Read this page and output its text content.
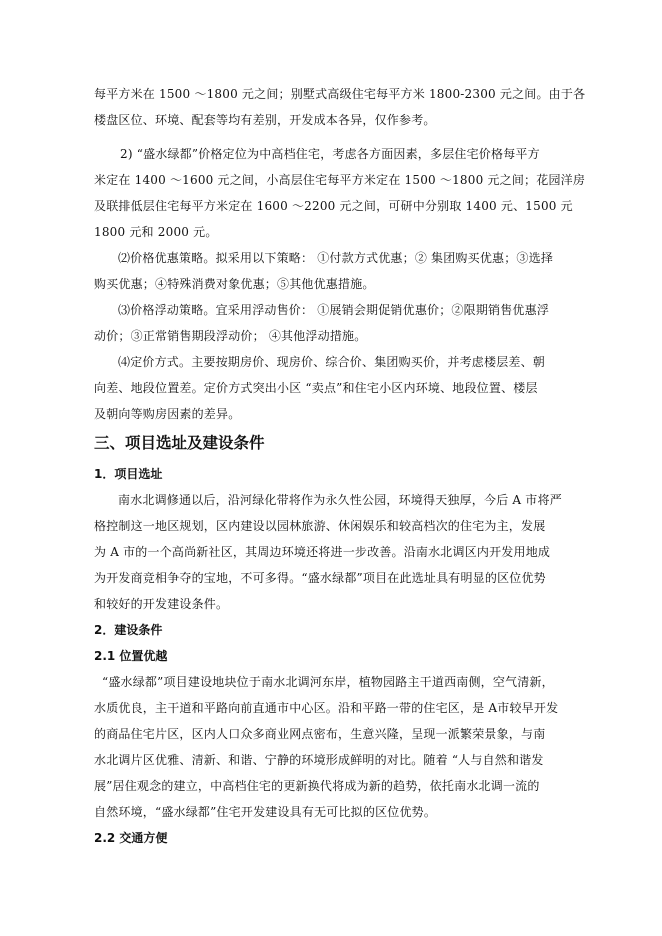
每平方米在 1500 ～1800 元之间；别墅式高级住宅每平方米 1800-2300 元之间。由于各
楼盘区位、环境、配套等均有差别，开发成本各异，仅作参考。
2) “盛水绿都”价格定位为中高档住宅，考虑各方面因素，多层住宅价格每平方
米定在 1400 ～1600 元之间，小高层住宅每平方米定在 1500 ～1800 元之间；花园洋房
及联排低层住宅每平方米定在 1600 ～2200 元之间，可研中分别取 1400 元、1500 元
1800 元和 2000 元。
⑵价格优惠策略。拟采用以下策略： ①付款方式优惠；② 集团购买优惠；③选择
购买优惠；④特殊消费对象优惠；⑤其他优惠措施。
⑶价格浮动策略。宜采用浮动售价： ①展销会期促销优惠价；②限期销售优惠浮
动价；③正常销售期段浮动价； ④其他浮动措施。
⑷定价方式。主要按期房价、现房价、综合价、集团购买价，并考虑楼层差、朝
向差、地段位置差。定价方式突出小区 “卖点”和住宅小区内环境、地段位置、楼层
及朝向等购房因素的差异。
三、项目选址及建设条件
1．项目选址
南水北调修通以后，沿河绿化带将作为永久性公园，环境得天独厚，今后 A 市将严
格控制这一地区规划，区内建设以园林旅游、休闲娱乐和较高档次的住宅为主，发展
为 A 市的一个高尚新社区，其周边环境还将进一步改善。沿南水北调区内开发用地成
为开发商竞相争夺的宝地，不可多得。“盛水绿都”项目在此选址具有明显的区位优势
和较好的开发建设条件。
2．建设条件
2.1 位置优越
“盛水绿都”项目建设地块位于南水北调河东岸，植物园路主干道西南侧，空气清新，
水质优良，主干道和平路向前直通市中心区。沿和平路一带的住宅区，是 A市较早开发
的商品住宅片区，区内人口众多商业网点密布，生意兴隆，呈现一派繁荣景象，与南
水北调片区优雅、清新、和谐、宁静的环境形成鲜明的对比。随着 “人与自然和谐发
展”居住观念的建立，中高档住宅的更新换代将成为新的趋势，依托南水北调一流的
自然环境，“盛水绿都”住宅开发建设具有无可比拟的区位优势。
2.2 交通方便
